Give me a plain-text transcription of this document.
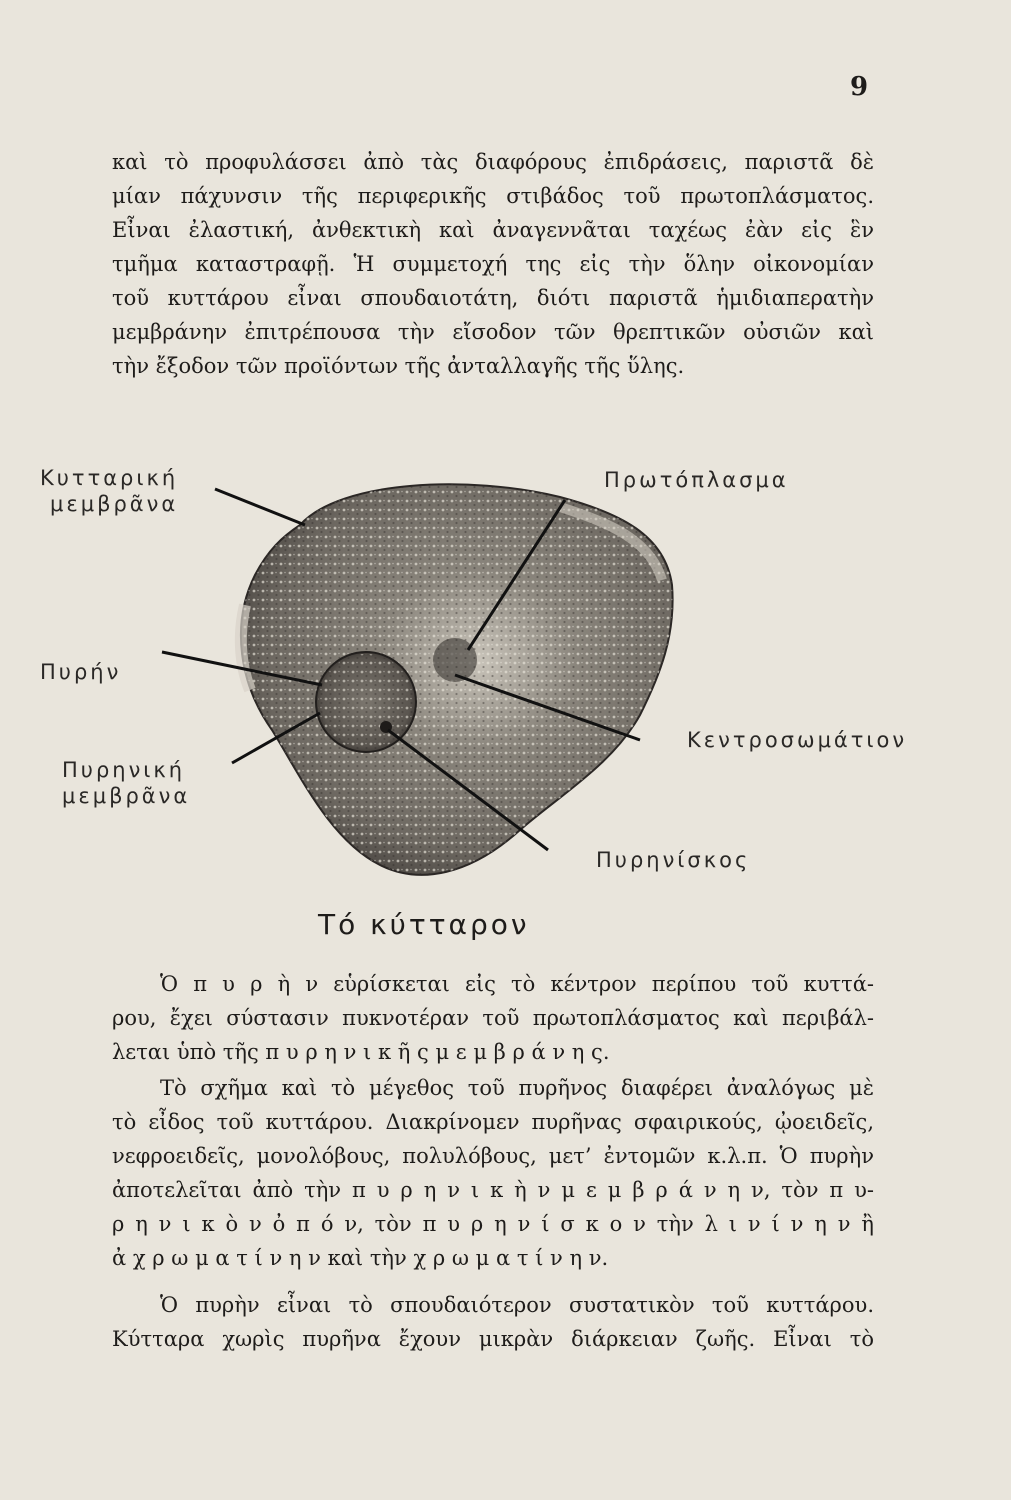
9

καὶ τὸ προφυλάσσει ἀπὸ τὰς διαφόρους ἐπιδράσεις, παριστᾶ δὲ
μίαν πάχυνσιν τῆς περιφερικῆς στιβάδος τοῦ πρωτοπλάσματος.
Εἶναι ἐλαστική, ἀνθεκτικὴ καὶ ἀναγεννᾶται ταχέως ἐὰν εἰς ἓν
τμῆμα καταστραφῇ. Ἡ συμμετοχή της εἰς τὴν ὅλην οἰκονομίαν
τοῦ κυττάρου εἶναι σπουδαιοτάτη, διότι παριστᾶ ἡμιδιαπερατὴν
μεμβράνην ἐπιτρέπουσα τὴν εἴσοδον τῶν θρεπτικῶν οὐσιῶν καὶ
τὴν ἔξοδον τῶν προϊόντων τῆς ἀνταλλαγῆς τῆς ὕλης.

Κυτταρική
μεμβρᾶνα
Πρωτόπλασμα
Πυρήν
Κεντροσωμάτιον
Πυρηνική
μεμβρᾶνα
Πυρηνίσκος
Τό κύτταρον

Ὁ π υ ρ ὴ ν εὑρίσκεται εἰς τὸ κέντρον περίπου τοῦ κυττά-
ρου, ἔχει σύστασιν πυκνοτέραν τοῦ πρωτοπλάσματος καὶ περιβάλ-
λεται ὑπὸ τῆς π υ ρ η ν ι κ ῆ ς μ ε μ β ρ ά ν η ς.

Τὸ σχῆμα καὶ τὸ μέγεθος τοῦ πυρῆνος διαφέρει ἀναλόγως μὲ
τὸ εἶδος τοῦ κυττάρου. Διακρίνομεν πυρῆνας σφαιρικούς, ᾠοειδεῖς,
νεφροειδεῖς, μονολόβους, πολυλόβους, μετ’ ἐντομῶν κ.λ.π. Ὁ πυρὴν
ἀποτελεῖται ἀπὸ τὴν π υ ρ η ν ι κ ὴ ν μ ε μ β ρ ά ν η ν, τὸν π υ-
ρ η ν ι κ ὸ ν ὀ π ό ν, τὸν π υ ρ η ν ί σ κ ο ν τὴν λ ι ν ί ν η ν ἢ
ἀ χ ρ ω μ α τ ί ν η ν καὶ τὴν χ ρ ω μ α τ ί ν η ν.

Ὁ πυρὴν εἶναι τὸ σπουδαιότερον συστατικὸν τοῦ κυττάρου.
Κύτταρα χωρὶς πυρῆνα ἔχουν μικρὰν διάρκειαν ζωῆς. Εἶναι τὸ
